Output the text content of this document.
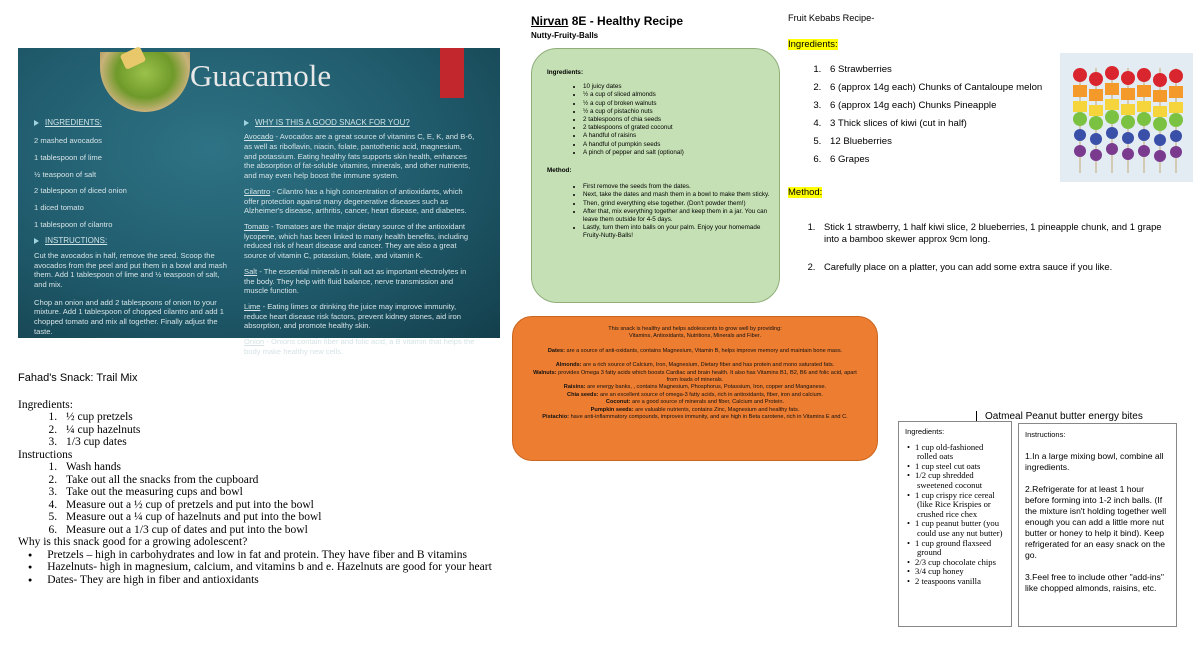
Guacamole

INGREDIENTS:

2 mashed avocados
1 tablespoon of lime
½ teaspoon of salt
2 tablespoon of diced onion
1 diced tomato
1 tablespoon of cilantro

INSTRUCTIONS:

Cut the avocados in half, remove the seed. Scoop the avocados from the peel and put them in a bowl and mash them. Add 1 tablespoon of lime and ½ teaspoon of salt, and mix.

Chop an onion and add 2 tablespoons of onion to your mixture. Add 1 tablespoon of chopped cilantro and add 1 chopped tomato and mix all together. Finally adjust the taste.

WHY IS THIS A GOOD SNACK FOR YOU?

Avocado - Avocados are a great source of vitamins C, E, K, and B-6, as well as riboflavin, niacin, folate, pantothenic acid, magnesium, and potassium. Eating healthy fats supports skin health, enhances the absorption of fat-soluble vitamins, minerals, and other nutrients, and may even help boost the immune system.

Cilantro - Cilantro has a high concentration of antioxidants, which offer protection against many degenerative diseases such as Alzheimer's disease, arthritis, cancer, heart disease, and diabetes.

Tomato - Tomatoes are the major dietary source of the antioxidant lycopene, which has been linked to many health benefits, including reduced risk of heart disease and cancer. They are also a great source of vitamin C, potassium, folate, and vitamin K.

Salt - The essential minerals in salt act as important electrolytes in the body. They help with fluid balance, nerve transmission and muscle function.

Lime - Eating limes or drinking the juice may improve immunity, reduce heart disease risk factors, prevent kidney stones, aid iron absorption, and promote healthy skin.

Onion - Onions contain fiber and folic acid, a B vitamin that helps the body make healthy new cells.

Fahad's Snack: Trail Mix
Ingredients:
1. ½ cup pretzels
2. ¼ cup hazelnuts
3. 1/3 cup dates
Instructions
1. Wash hands
2. Take out all the snacks from the cupboard
3. Take out the measuring cups and bowl
4. Measure out a ½ cup of pretzels and put into the bowl
5. Measure out a ¼ cup of hazelnuts and put into the bowl
6. Measure out a 1/3 cup of dates and put into the bowl
Why is this snack good for a growing adolescent?
● Pretzels – high in carbohydrates and low in fat and protein. They have fiber and B vitamins
● Hazelnuts- high in magnesium, calcium, and vitamins b and e. Hazelnuts are good for your heart
● Dates- They are high in fiber and antioxidants
Nirvan 8E - Healthy Recipe
Nutty-Fruity-Balls

Ingredients:

• 10 juicy dates
• ½ a cup of sliced almonds
• ½ a cup of broken walnuts
• ½ a cup of pistachio nuts
• 2 tablespoons of chia seeds
• 2 tablespoons of grated coconut
• A handful of raisins
• A handful of pumpkin seeds
• A pinch of pepper and salt (optional)

Method:

• First remove the seeds from the dates.
• Next, take the dates and mash them in a bowl to make them sticky.
• Then, grind everything else together. (Don't powder them!)
• After that, mix everything together and keep them in a jar. You can leave them outside for 4-5 days.
• Lastly, turn them into balls on your palm. Enjoy your homemade Fruity-Nutty-Balls!
This snack is healthy and helps adolescents to grow well by providing:
Vitamins, Antioxidants, Nutritions, Minerals and Fiber.
Dates: are a source of anti-oxidants, contains Magnesium, Vitamin B, helps improve memory and maintain bone mass.
Almonds: are a rich source of Calcium, Iron, Magnesium, Dietary fiber and has protein and mono saturated fats.
Walnuts: provides Omega 3 fatty acids which boosts Cardiac and brain health. It also has Vitamins B1, B2, B6 and folic acid, apart from loads of minerals.
Raisins: are energy banks, , contains Magnesium, Phosphorus, Potassium, Iron, copper and Manganese.
Chia seeds: are an excellent source of omega-3 fatty acids, rich in antioxidants, fiber, iron and calcium.
Coconut: are a good source of minerals and fiber, Calcium and Protein.
Pumpkin seeds: are valuable nutrients, contains Zinc, Magnesium and healthy fats.
Pistachio: have anti-inflammatory compounds, improves immunity, and are high in Beta carotene, rich in Vitamins E and C.
Fruit Kebabs Recipe-
Ingredients:
1. 6 Strawberries
2. 6 (approx 14g each) Chunks of Cantaloupe melon
3. 6 (approx 14g each) Chunks Pineapple
4. 3 Thick slices of kiwi (cut in half)
5. 12 Blueberries
6. 6 Grapes
Method:
1. Stick 1 strawberry, 1 half kiwi slice, 2 blueberries, 1 pineapple chunk, and 1 grape into a bamboo skewer approx 9cm long.
2. Carefully place on a platter, you can add some extra sauce if you like.
Oatmeal Peanut butter energy bites
Ingredients:
• 1 cup old-fashioned rolled oats
• 1 cup steel cut oats
• 1/2 cup shredded sweetened coconut
• 1 cup crispy rice cereal (like Rice Krispies or crushed rice chex
• 1 cup peanut butter (you could use any nut butter)
• 1 cup ground flaxseed ground
• 2/3 cup chocolate chips
• 3/4 cup honey
• 2 teaspoons vanilla
Instructions:

1.In a large mixing bowl, combine all ingredients.

2.Refrigerate for at least 1 hour before forming into 1-2 inch balls. (If the mixture isn't holding together well enough you can add a little more nut butter or honey to help it bind). Keep refrigerated for an easy snack on the go.

3.Feel free to include other "add-ins" like chopped almonds, raisins, etc.
